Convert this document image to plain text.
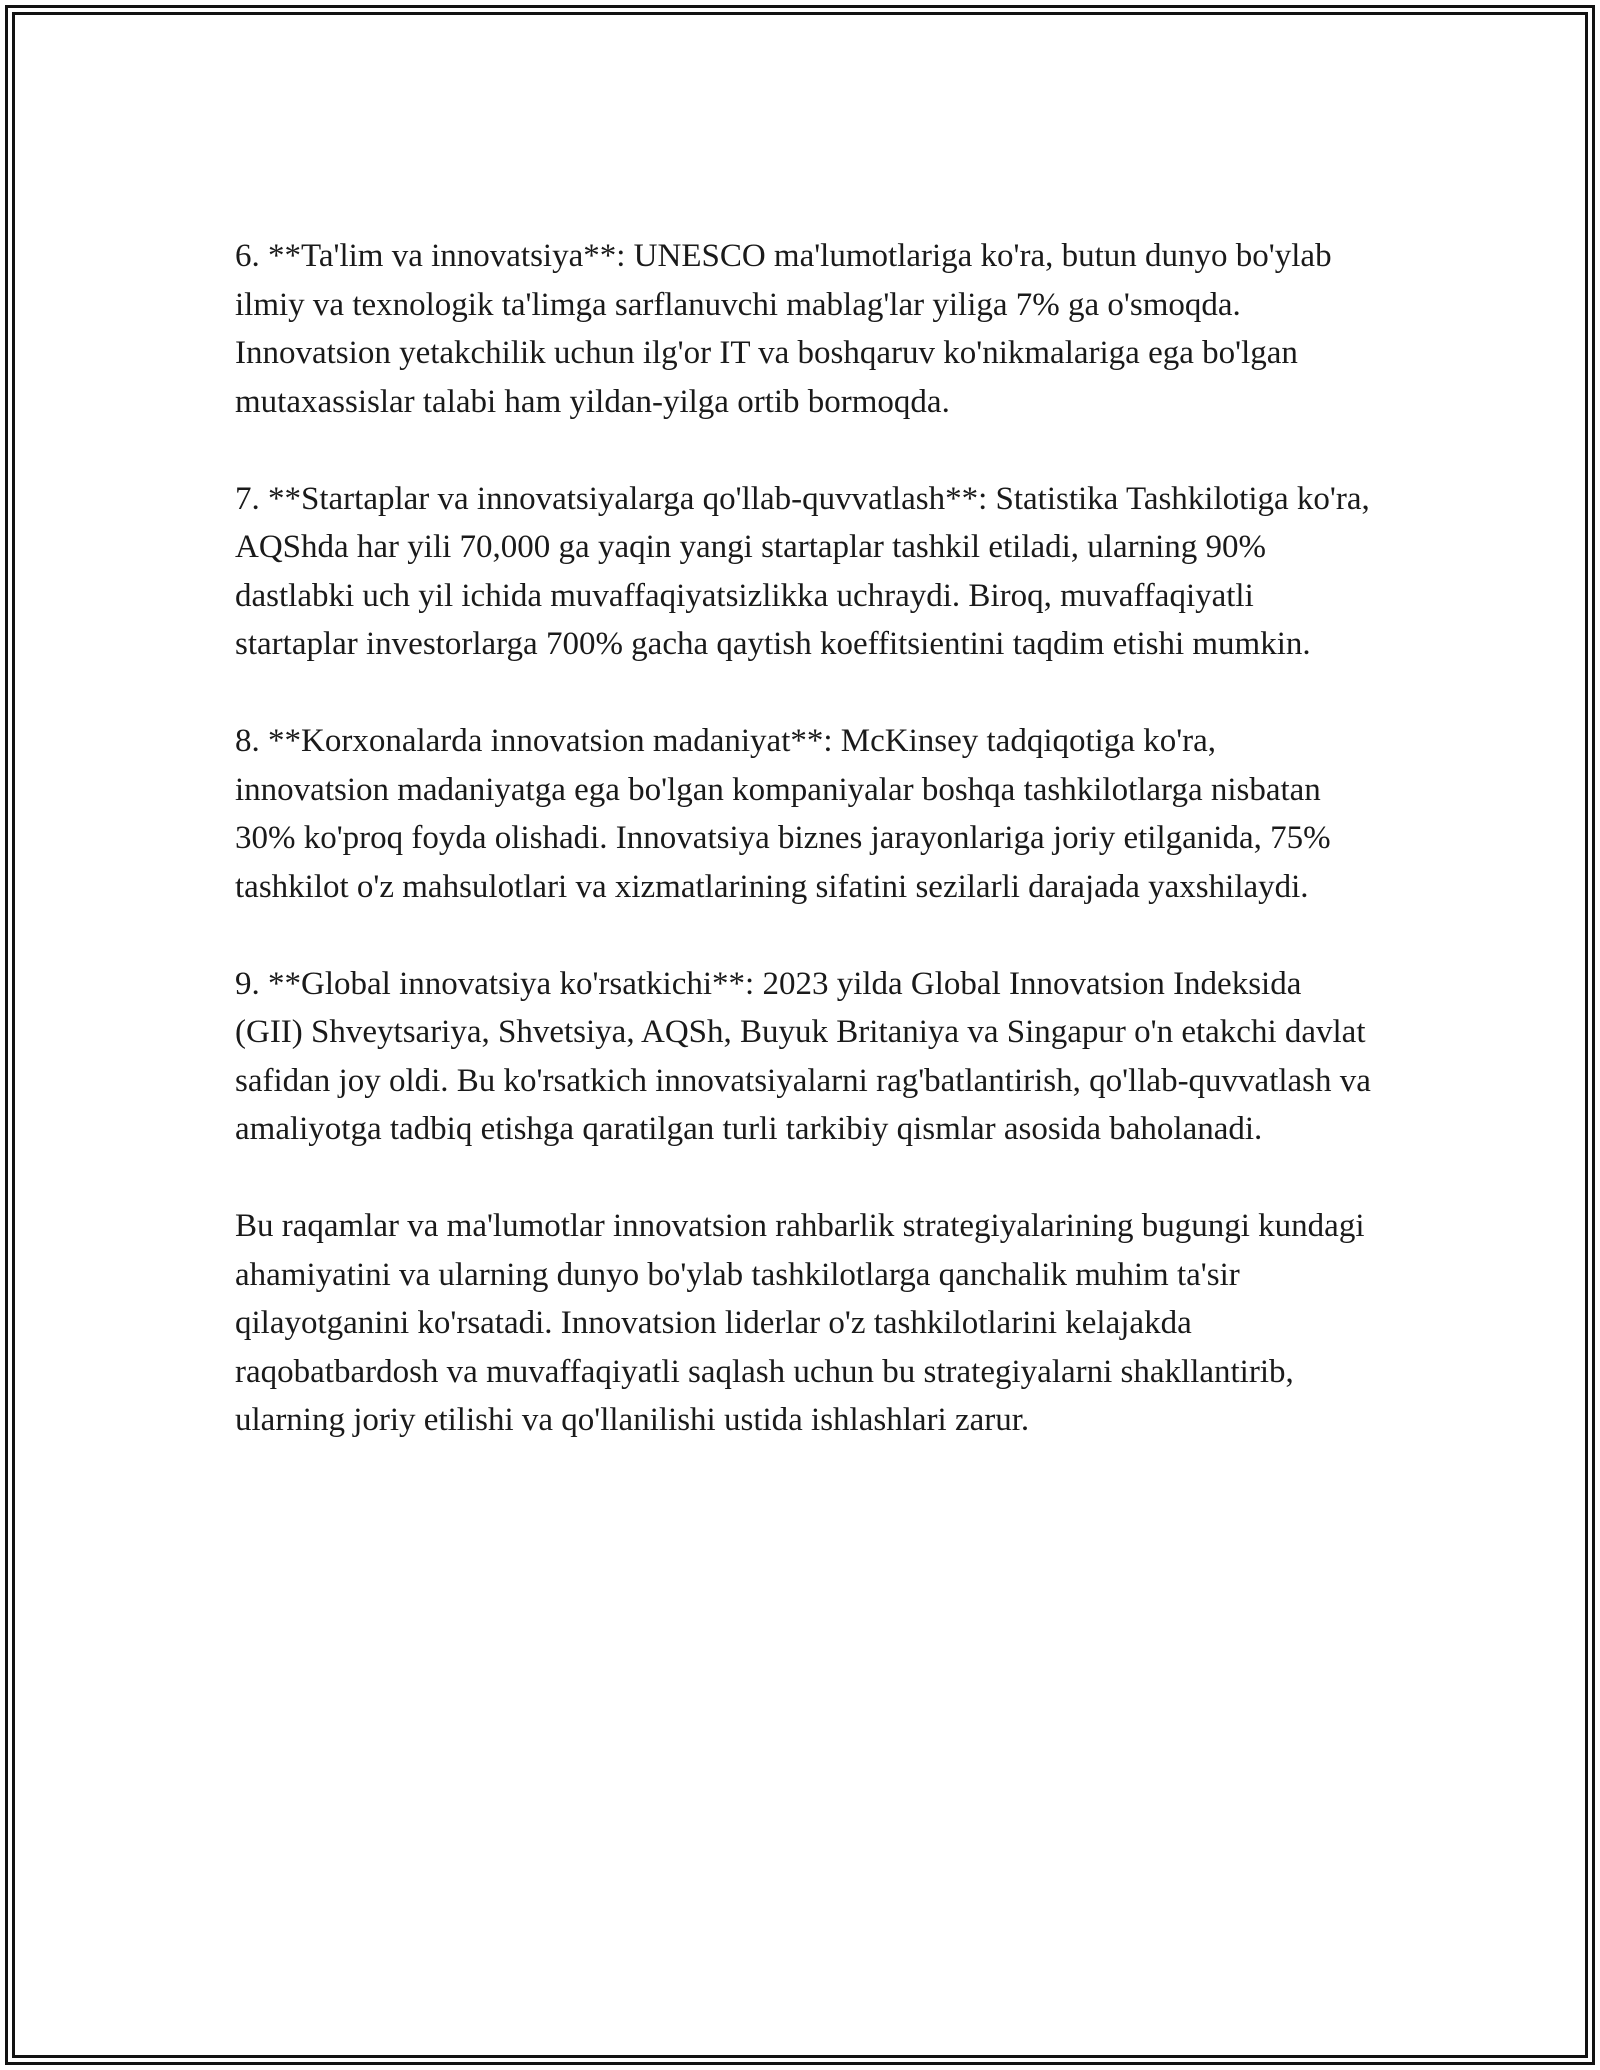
6. **Ta'lim va innovatsiya**: UNESCO ma'lumotlariga ko'ra, butun dunyo bo'ylab ilmiy va texnologik ta'limga sarflanuvchi mablag'lar yiliga 7% ga o'smoqda. Innovatsion yetakchilik uchun ilg'or IT va boshqaruv ko'nikmalariga ega bo'lgan mutaxassislar talabi ham yildan-yilga ortib bormoqda.

7. **Startaplar va innovatsiyalarga qo'llab-quvvatlash**: Statistika Tashkilotiga ko'ra, AQShda har yili 70,000 ga yaqin yangi startaplar tashkil etiladi, ularning 90% dastlabki uch yil ichida muvaffaqiyatsizlikka uchraydi. Biroq, muvaffaqiyatli startaplar investorlarga 700% gacha qaytish koeffitsientini taqdim etishi mumkin.

8. **Korxonalarda innovatsion madaniyat**: McKinsey tadqiqotiga ko'ra, innovatsion madaniyatga ega bo'lgan kompaniyalar boshqa tashkilotlarga nisbatan 30% ko'proq foyda olishadi. Innovatsiya biznes jarayonlariga joriy etilganida, 75% tashkilot o'z mahsulotlari va xizmatlarining sifatini sezilarli darajada yaxshilaydi.

9. **Global innovatsiya ko'rsatkichi**: 2023 yilda Global Innovatsion Indeksida (GII) Shveytsariya, Shvetsiya, AQSh, Buyuk Britaniya va Singapur o'n etakchi davlat safidan joy oldi. Bu ko'rsatkich innovatsiyalarni rag'batlantirish, qo'llab-quvvatlash va amaliyotga tadbiq etishga qaratilgan turli tarkibiy qismlar asosida baholanadi.

Bu raqamlar va ma'lumotlar innovatsion rahbarlik strategiyalarining bugungi kundagi ahamiyatini va ularning dunyo bo'ylab tashkilotlarga qanchalik muhim ta'sir qilayotganini ko'rsatadi. Innovatsion liderlar o'z tashkilotlarini kelajakda raqobatbardosh va muvaffaqiyatli saqlash uchun bu strategiyalarni shakllantirib, ularning joriy etilishi va qo'llanilishi ustida ishlashlari zarur.
